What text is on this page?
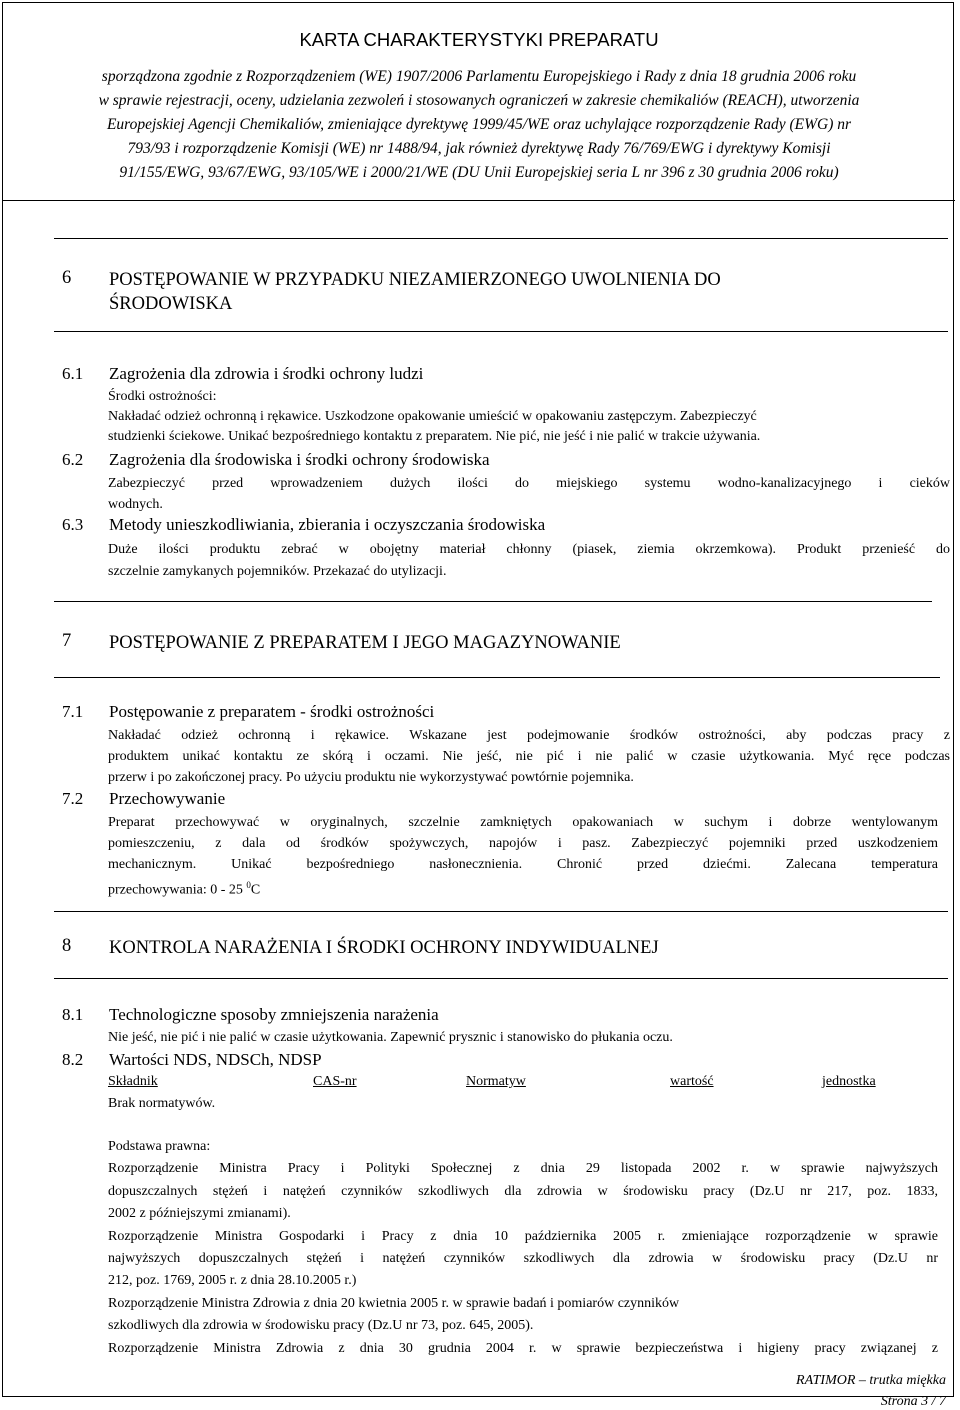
KARTA CHARAKTERYSTYKI PREPARATU
sporządzona zgodnie z Rozporządzeniem (WE) 1907/2006 Parlamentu Europejskiego i Rady z dnia 18 grudnia 2006 roku
w sprawie rejestracji, oceny, udzielania zezwoleń i stosowanych ograniczeń w zakresie chemikaliów (REACH), utworzenia
Europejskiej Agencji Chemikaliów, zmieniające dyrektywę 1999/45/WE oraz uchylające rozporządzenie Rady (EWG) nr
793/93 i rozporządzenie Komisji (WE) nr 1488/94, jak również dyrektywę Rady 76/769/EWG i dyrektywy Komisji
91/155/EWG, 93/67/EWG, 93/105/WE i 2000/21/WE (DU Unii Europejskiej seria L nr 396 z 30 grudnia 2006 roku)
6 POSTĘPOWANIE W PRZYPADKU NIEZAMIERZONEGO UWOLNIENIA DO
ŚRODOWISKA
6.1 Zagrożenia dla zdrowia i środki ochrony ludzi
Środki ostrożności:
Nakładać odzież ochronną i rękawice. Uszkodzone opakowanie umieścić w opakowaniu zastępczym. Zabezpieczyć
studzienki ściekowe. Unikać bezpośredniego kontaktu z preparatem. Nie pić, nie jeść i nie palić w trakcie używania.
6.2 Zagrożenia dla środowiska i środki ochrony środowiska
Zabezpieczyć przed wprowadzeniem dużych ilości do miejskiego systemu wodno-kanalizacyjnego i cieków
wodnych.
6.3 Metody unieszkodliwiania, zbierania i oczyszczania środowiska
Duże ilości produktu zebrać w obojętny materiał chłonny (piasek, ziemia okrzemkowa). Produkt przenieść do
szczelnie zamykanych pojemników. Przekazać do utylizacji.
7 POSTĘPOWANIE Z PREPARATEM I JEGO MAGAZYNOWANIE
7.1 Postępowanie z preparatem - środki ostrożności
Nakładać odzież ochronną i rękawice. Wskazane jest podejmowanie środków ostrożności, aby podczas pracy z
produktem unikać kontaktu ze skórą i oczami. Nie jeść, nie pić i nie palić w czasie użytkowania. Myć ręce podczas
przerw i po zakończonej pracy. Po użyciu produktu nie wykorzystywać powtórnie pojemnika.
7.2 Przechowywanie
Preparat przechowywać w oryginalnych, szczelnie zamkniętych opakowaniach w suchym i dobrze wentylowanym
pomieszczeniu, z dala od środków spożywczych, napojów i pasz. Zabezpieczyć pojemniki przed uszkodzeniem
mechanicznym. Unikać bezpośredniego nasłonecznienia. Chronić przed dziećmi. Zalecana temperatura
przechowywania: 0 - 25 $^0$C
8 KONTROLA NARAŻENIA I ŚRODKI OCHRONY INDYWIDUALNEJ
8.1 Technologiczne sposoby zmniejszenia narażenia
Nie jeść, nie pić i nie palić w czasie użytkowania. Zapewnić prysznic i stanowisko do płukania oczu.
8.2 Wartości NDS, NDSCh, NDSP
Składnik	CAS-nr	Normatyw	wartość	jednostka
Brak normatywów.
Podstawa prawna:
Rozporządzenie Ministra Pracy i Polityki Społecznej z dnia 29 listopada 2002 r. w sprawie najwyższych
dopuszczalnych stężeń i natężeń czynników szkodliwych dla zdrowia w środowisku pracy (Dz.U nr 217, poz. 1833,
2002 z późniejszymi zmianami).
Rozporządzenie Ministra Gospodarki i Pracy z dnia 10 października 2005 r. zmieniające rozporządzenie w sprawie
najwyższych dopuszczalnych stężeń i natężeń czynników szkodliwych dla zdrowia w środowisku pracy (Dz.U nr
212, poz. 1769, 2005 r. z dnia 28.10.2005 r.)
Rozporządzenie Ministra Zdrowia z dnia 20 kwietnia 2005 r. w sprawie badań i pomiarów czynników
szkodliwych dla zdrowia w środowisku pracy (Dz.U nr 73, poz. 645, 2005).
Rozporządzenie Ministra Zdrowia z dnia 30 grudnia 2004 r. w sprawie bezpieczeństwa i higieny pracy związanej z
RATIMOR – trutka miękka
Strona 3 / 7
